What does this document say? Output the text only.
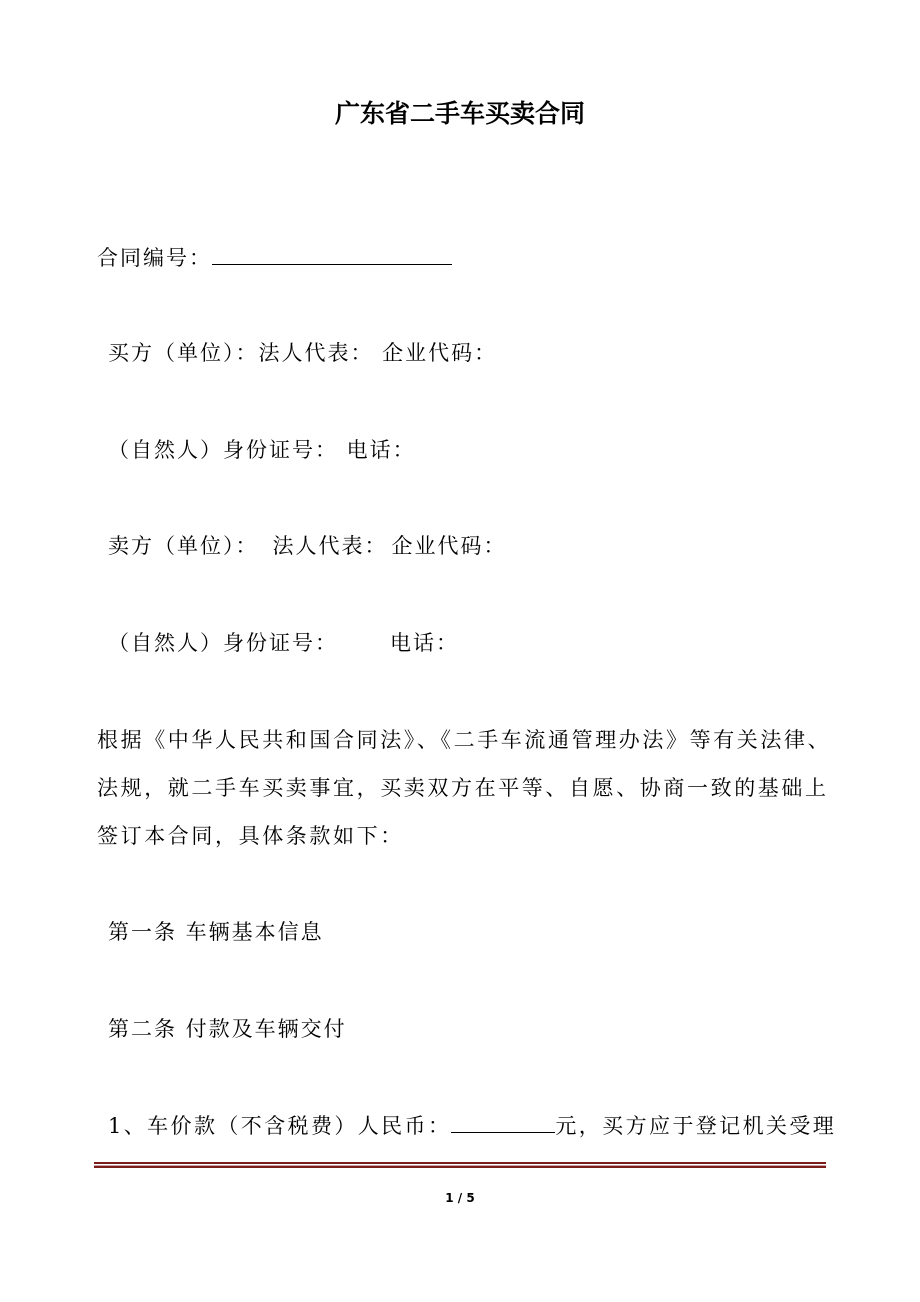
广东省二手车买卖合同
合同编号：
买方（单位）：法人代表： 企业代码：
（自然人）身份证号： 电话：
卖方（单位）： 法人代表： 企业代码：
（自然人）身份证号： 电话：
根据《中华人民共和国合同法》、《二手车流通管理办法》等有关法律、法规，就二手车买卖事宜，买卖双方在平等、自愿、协商一致的基础上签订本合同，具体条款如下：
第一条 车辆基本信息
第二条 付款及车辆交付
1、车价款（不含税费）人民币：	元，买方应于登记机关受理
1 / 5
